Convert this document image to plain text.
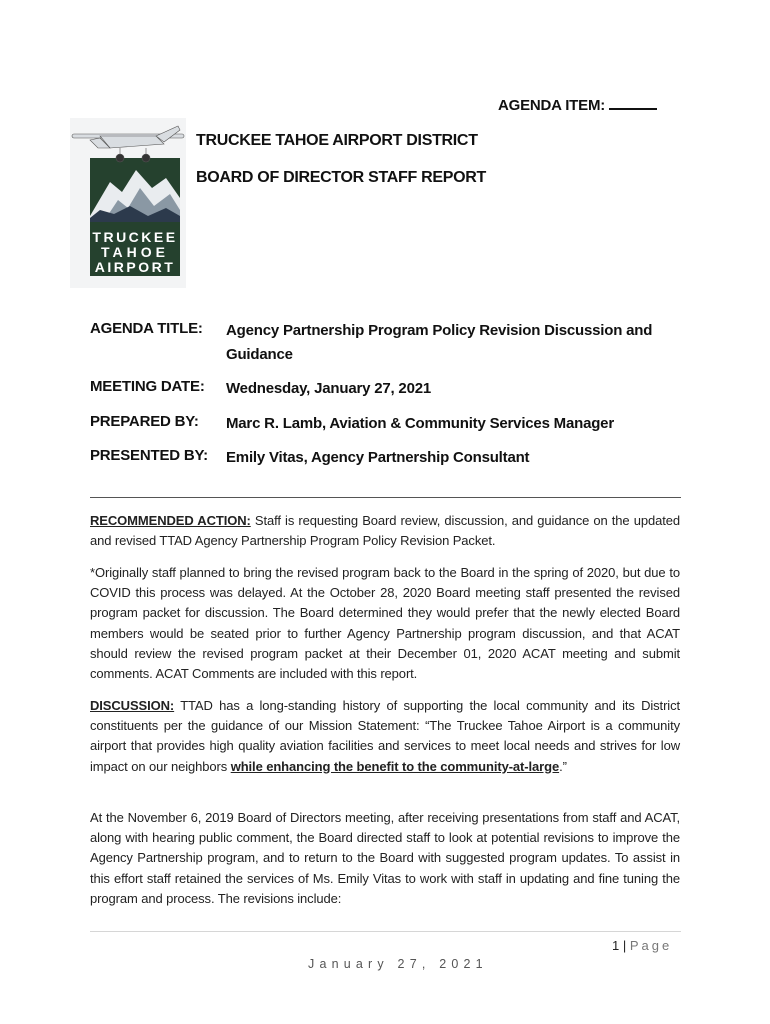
AGENDA ITEM:
TRUCKEE
TAHOE
AIRPORT
TRUCKEE TAHOE AIRPORT DISTRICT
BOARD OF DIRECTOR STAFF REPORT
AGENDA TITLE: Agency Partnership Program Policy Revision Discussion and Guidance
MEETING DATE: Wednesday, January 27, 2021
PREPARED BY: Marc R. Lamb, Aviation & Community Services Manager
PRESENTED BY: Emily Vitas, Agency Partnership Consultant

RECOMMENDED ACTION: Staff is requesting Board review, discussion, and guidance on the updated and revised TTAD Agency Partnership Program Policy Revision Packet.

*Originally staff planned to bring the revised program back to the Board in the spring of 2020, but due to COVID this process was delayed. At the October 28, 2020 Board meeting staff presented the revised program packet for discussion. The Board determined they would prefer that the newly elected Board members would be seated prior to further Agency Partnership program discussion, and that ACAT should review the revised program packet at their December 01, 2020 ACAT meeting and submit comments. ACAT Comments are included with this report.

DISCUSSION: TTAD has a long-standing history of supporting the local community and its District constituents per the guidance of our Mission Statement: “The Truckee Tahoe Airport is a community airport that provides high quality aviation facilities and services to meet local needs and strives for low impact on our neighbors while enhancing the benefit to the community-at-large.”

At the November 6, 2019 Board of Directors meeting, after receiving presentations from staff and ACAT, along with hearing public comment, the Board directed staff to look at potential revisions to improve the Agency Partnership program, and to return to the Board with suggested program updates. To assist in this effort staff retained the services of Ms. Emily Vitas to work with staff in updating and fine tuning the program and process. The revisions include:

1 | Page
January 27, 2021
